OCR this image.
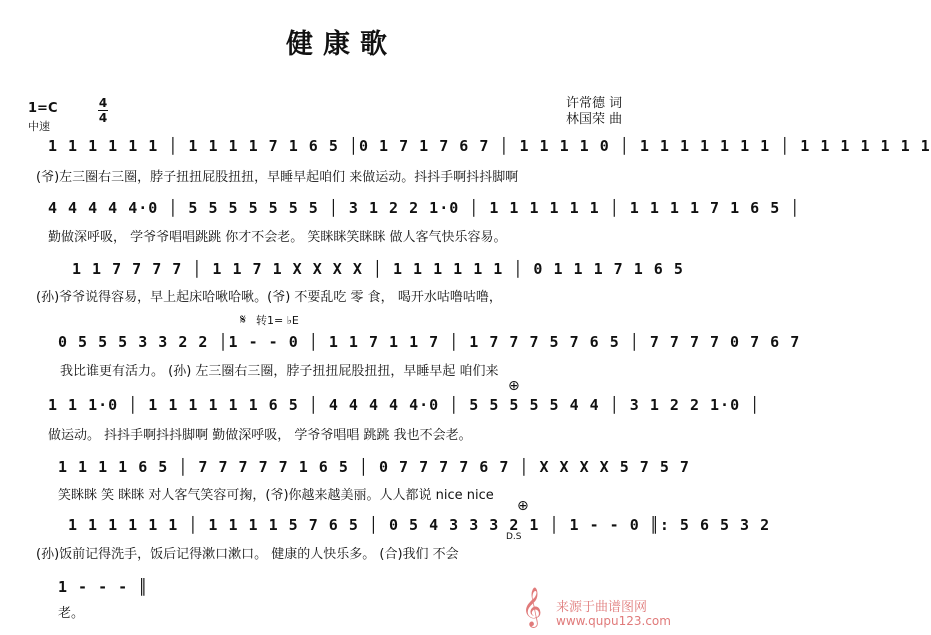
健康歌
1=C	4
4
中速
许常德 词
林国荣 曲
1 1 1 1 1 1 │ 1 1 1 1 7 1 6 5 │0 1 7 1 7 6 7 │ 1 1 1 1 0 │ 1 1 1 1 1 1 1 │ 1 1 1 1 1 1 1
(爷)左三圈右三圈，脖子扭扭屁股扭扭，早睡早起咱们 来做运动。抖抖手啊抖抖脚啊
4 4 4 4 4·0 │ 5 5 5 5 5 5 5 │ 3 1 2 2 1·0 │ 1 1 1 1 1 1 │ 1 1 1 1 7 1 6 5 │
勤做深呼吸， 学爷爷唱唱跳跳 你才不会老。 笑眯眯笑眯眯 做人客气快乐容易。
1 1 7 7 7 7 │ 1 1 7 1 X X X X │ 1 1 1 1 1 1 │ 0 1 1 1 7 1 6 5
(孙)爷爷说得容易，早上起床哈啾哈啾。(爷) 不要乱吃 零 食， 喝开水咕噜咕噜，
𝄋 转1= ♭E
0 5 5 5 3 3 2 2 │1 - - 0 │ 1 1 7 1 1 7 │ 1 7 7 7 5 7 6 5 │ 7 7 7 7 0 7 6 7
我比谁更有活力。 (孙) 左三圈右三圈，脖子扭扭屁股扭扭，早睡早起 咱们来
⊕
1 1 1·0 │ 1 1 1 1 1 1 6 5 │ 4 4 4 4 4·0 │ 5 5 5 5 5 4 4 │ 3 1 2 2 1·0 │
做运动。 抖抖手啊抖抖脚啊 勤做深呼吸， 学爷爷唱唱 跳跳 我也不会老。
1 1 1 1 6 5 │ 7 7 7 7 7 1 6 5 │ 0 7 7 7 7 6 7 │ X X X X 5 7 5 7
笑眯眯 笑 眯眯 对人客气笑容可掬，(爷)你越来越美丽。人人都说 nice nice
⊕
1 1 1 1 1 1 │ 1 1 1 1 5 7 6 5 │ 0 5 4 3 3 3 2 1 │ 1 - - 0 ║: 5 6 5 3 2
D.S
(孙)饭前记得洗手，饭后记得漱口漱口。 健康的人快乐多。 (合)我们 不会
1 - - - ║
老。	𝄞 来源于曲谱图网
www.qupu123.com
